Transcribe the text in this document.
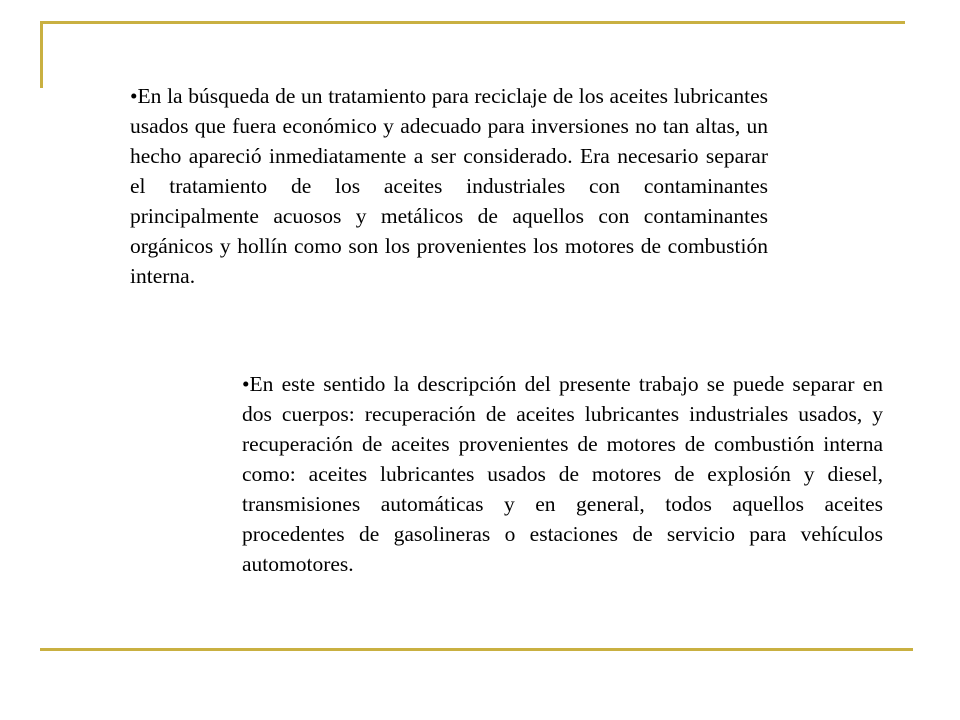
•En la búsqueda de un tratamiento para reciclaje de los aceites lubricantes usados que fuera económico y adecuado para inversiones no tan altas, un hecho apareció inmediatamente a ser considerado. Era necesario separar el tratamiento de los aceites industriales con contaminantes principalmente acuosos y metálicos de aquellos con contaminantes orgánicos y hollín como son los provenientes los motores de combustión interna.

•En este sentido la descripción del presente trabajo se puede separar en dos cuerpos: recuperación de aceites lubricantes industriales usados, y recuperación de aceites provenientes de motores de combustión interna como: aceites lubricantes usados de motores de explosión y diesel, transmisiones automáticas y en general, todos aquellos aceites procedentes de gasolineras o estaciones de servicio para vehículos automotores.
